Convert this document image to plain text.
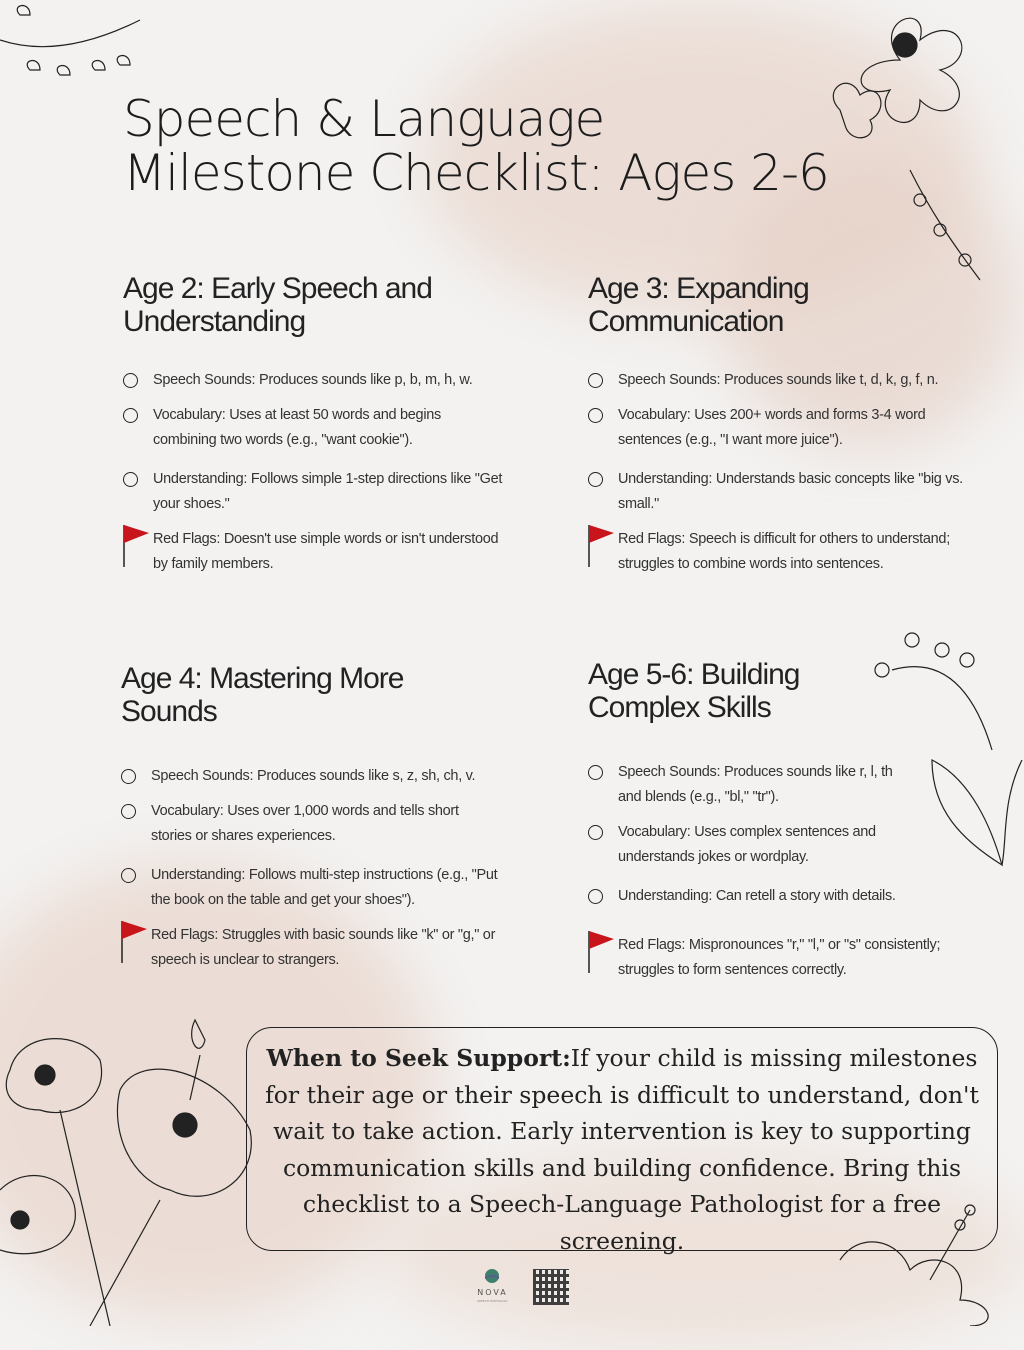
Speech & Language
Milestone Checklist: Ages 2-6
Age 2: Early Speech and Understanding
Speech Sounds: Produces sounds like p, b, m, h, w.
Vocabulary: Uses at least 50 words and begins combining two words (e.g., "want cookie").
Understanding: Follows simple 1-step directions like "Get your shoes."
Red Flags: Doesn't use simple words or isn't understood by family members.
Age 3: Expanding Communication
Speech Sounds: Produces sounds like t, d, k, g, f, n.
Vocabulary: Uses 200+ words and forms 3-4 word sentences (e.g., "I want more juice").
Understanding: Understands basic concepts like "big vs. small."
Red Flags: Speech is difficult for others to understand; struggles to combine words into sentences.
Age 4: Mastering More Sounds
Speech Sounds: Produces sounds like s, z, sh, ch, v.
Vocabulary: Uses over 1,000 words and tells short stories or shares experiences.
Understanding: Follows multi-step instructions (e.g., "Put the book on the table and get your shoes").
Red Flags: Struggles with basic sounds like "k" or "g," or speech is unclear to strangers.
Age 5-6: Building Complex Skills
Speech Sounds: Produces sounds like r, l, th and blends (e.g., "bl," "tr").
Vocabulary: Uses complex sentences and understands jokes or wordplay.
Understanding: Can retell a story with details.
Red Flags: Mispronounces "r," "l," or "s" consistently; struggles to form sentences correctly.
When to Seek Support:If your child is missing milestones for their age or their speech is difficult to understand, don't wait to take action. Early intervention is key to supporting communication skills and building confidence. Bring this checklist to a Speech-Language Pathologist for a free screening.
NOVA
SPEECH PATHOLOGY
